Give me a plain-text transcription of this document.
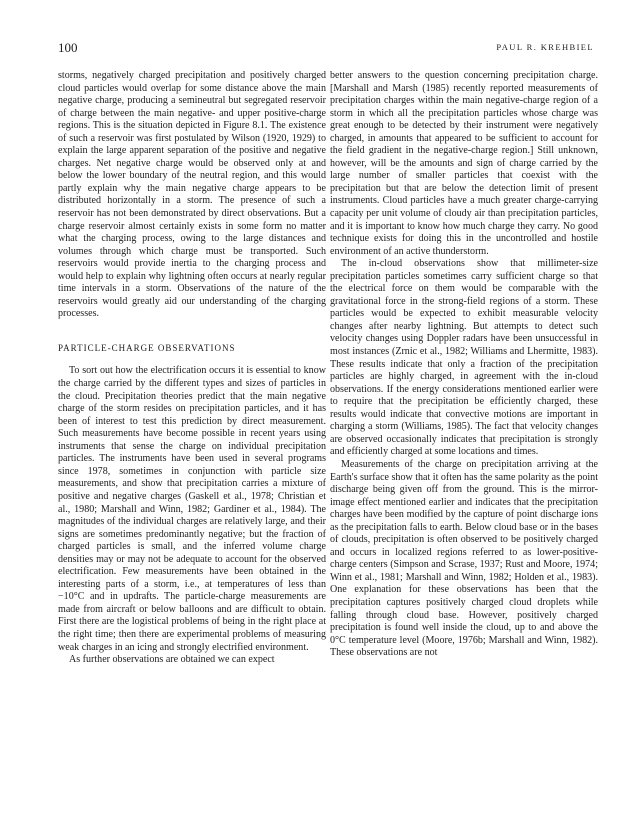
100	PAUL R. KREHBIEL

storms, negatively charged precipitation and positively charged cloud particles would overlap for some distance above the main negative charge, producing a semineutral but segregated reservoir of charge between the main negative- and upper positive-charge regions. This is the situation depicted in Figure 8.1. The existence of such a reservoir was first postulated by Wilson (1920, 1929) to explain the large apparent separation of the positive and negative charges. Net negative charge would be observed only at and below the lower boundary of the neutral region, and this would partly explain why the main negative charge appears to be distributed horizontally in a storm. The presence of such a reservoir has not been demonstrated by direct observations. But a charge reservoir almost certainly exists in some form no matter what the charging process, owing to the large distances and volumes through which charge must be transported. Such reservoirs would provide inertia to the charging process and would help to explain why lightning often occurs at nearly regular time intervals in a storm. Observations of the nature of the reservoirs would greatly aid our understanding of the charging processes.

PARTICLE-CHARGE OBSERVATIONS

To sort out how the electrification occurs it is essential to know the charge carried by the different types and sizes of particles in the cloud. Precipitation theories predict that the main negative charge of the storm resides on precipitation particles, and it has been of interest to test this prediction by direct measurement. Such measurements have become possible in recent years using instruments that sense the charge on individual precipitation particles. The instruments have been used in several programs since 1978, sometimes in conjunction with particle size measurements, and show that precipitation carries a mixture of positive and negative charges (Gaskell et al., 1978; Christian et al., 1980; Marshall and Winn, 1982; Gardiner et al., 1984). The magnitudes of the individual charges are relatively large, and their signs are sometimes predominantly negative; but the fraction of charged particles is small, and the inferred volume charge densities may or may not be adequate to account for the observed electrification. Few measurements have been obtained in the interesting parts of a storm, i.e., at temperatures of less than −10°C and in updrafts. The particle-charge measurements are made from aircraft or below balloons and are difficult to obtain. First there are the logistical problems of being in the right place at the right time; then there are experimental problems of measuring weak charges in an icing and strongly electrified environment.

As further observations are obtained we can expect

better answers to the question concerning precipitation charge. [Marshall and Marsh (1985) recently reported measurements of precipitation charges within the main negative-charge region of a storm in which all the precipitation particles whose charge was great enough to be detected by their instrument were negatively charged, in amounts that appeared to be sufficient to account for the field gradient in the negative-charge region.] Still unknown, however, will be the amounts and sign of charge carried by the large number of smaller particles that coexist with the precipitation but that are below the detection limit of present instruments. Cloud particles have a much greater charge-carrying capacity per unit volume of cloudy air than precipitation particles, and it is important to know how much charge they carry. No good technique exists for doing this in the uncontrolled and hostile environment of an active thunderstorm.

The in-cloud observations show that millimeter-size precipitation particles sometimes carry sufficient charge so that the electrical force on them would be comparable with the gravitational force in the strong-field regions of a storm. These particles would be expected to exhibit measurable velocity changes after nearby lightning. But attempts to detect such velocity changes using Doppler radars have been unsuccessful in most instances (Zrnic et al., 1982; Williams and Lhermitte, 1983). These results indicate that only a fraction of the precipitation particles are highly charged, in agreement with the in-cloud observations. If the energy considerations mentioned earlier were to require that the precipitation be efficiently charged, these results would indicate that convective motions are important in charging a storm (Williams, 1985). The fact that velocity changes are observed occasionally indicates that precipitation is strongly and efficiently charged at some locations and times.

Measurements of the charge on precipitation arriving at the Earth's surface show that it often has the same polarity as the point discharge being given off from the ground. This is the mirror-image effect mentioned earlier and indicates that the precipitation charges have been modified by the capture of point discharge ions as the precipitation falls to earth. Below cloud base or in the bases of clouds, precipitation is often observed to be positively charged and occurs in localized regions referred to as lower-positive-charge centers (Simpson and Scrase, 1937; Rust and Moore, 1974; Winn et al., 1981; Marshall and Winn, 1982; Holden et al., 1983). One explanation for these observations has been that the precipitation captures positively charged cloud droplets while falling through cloud base. However, positively charged precipitation is found well inside the cloud, up to and above the 0°C temperature level (Moore, 1976b; Marshall and Winn, 1982). These observations are not
